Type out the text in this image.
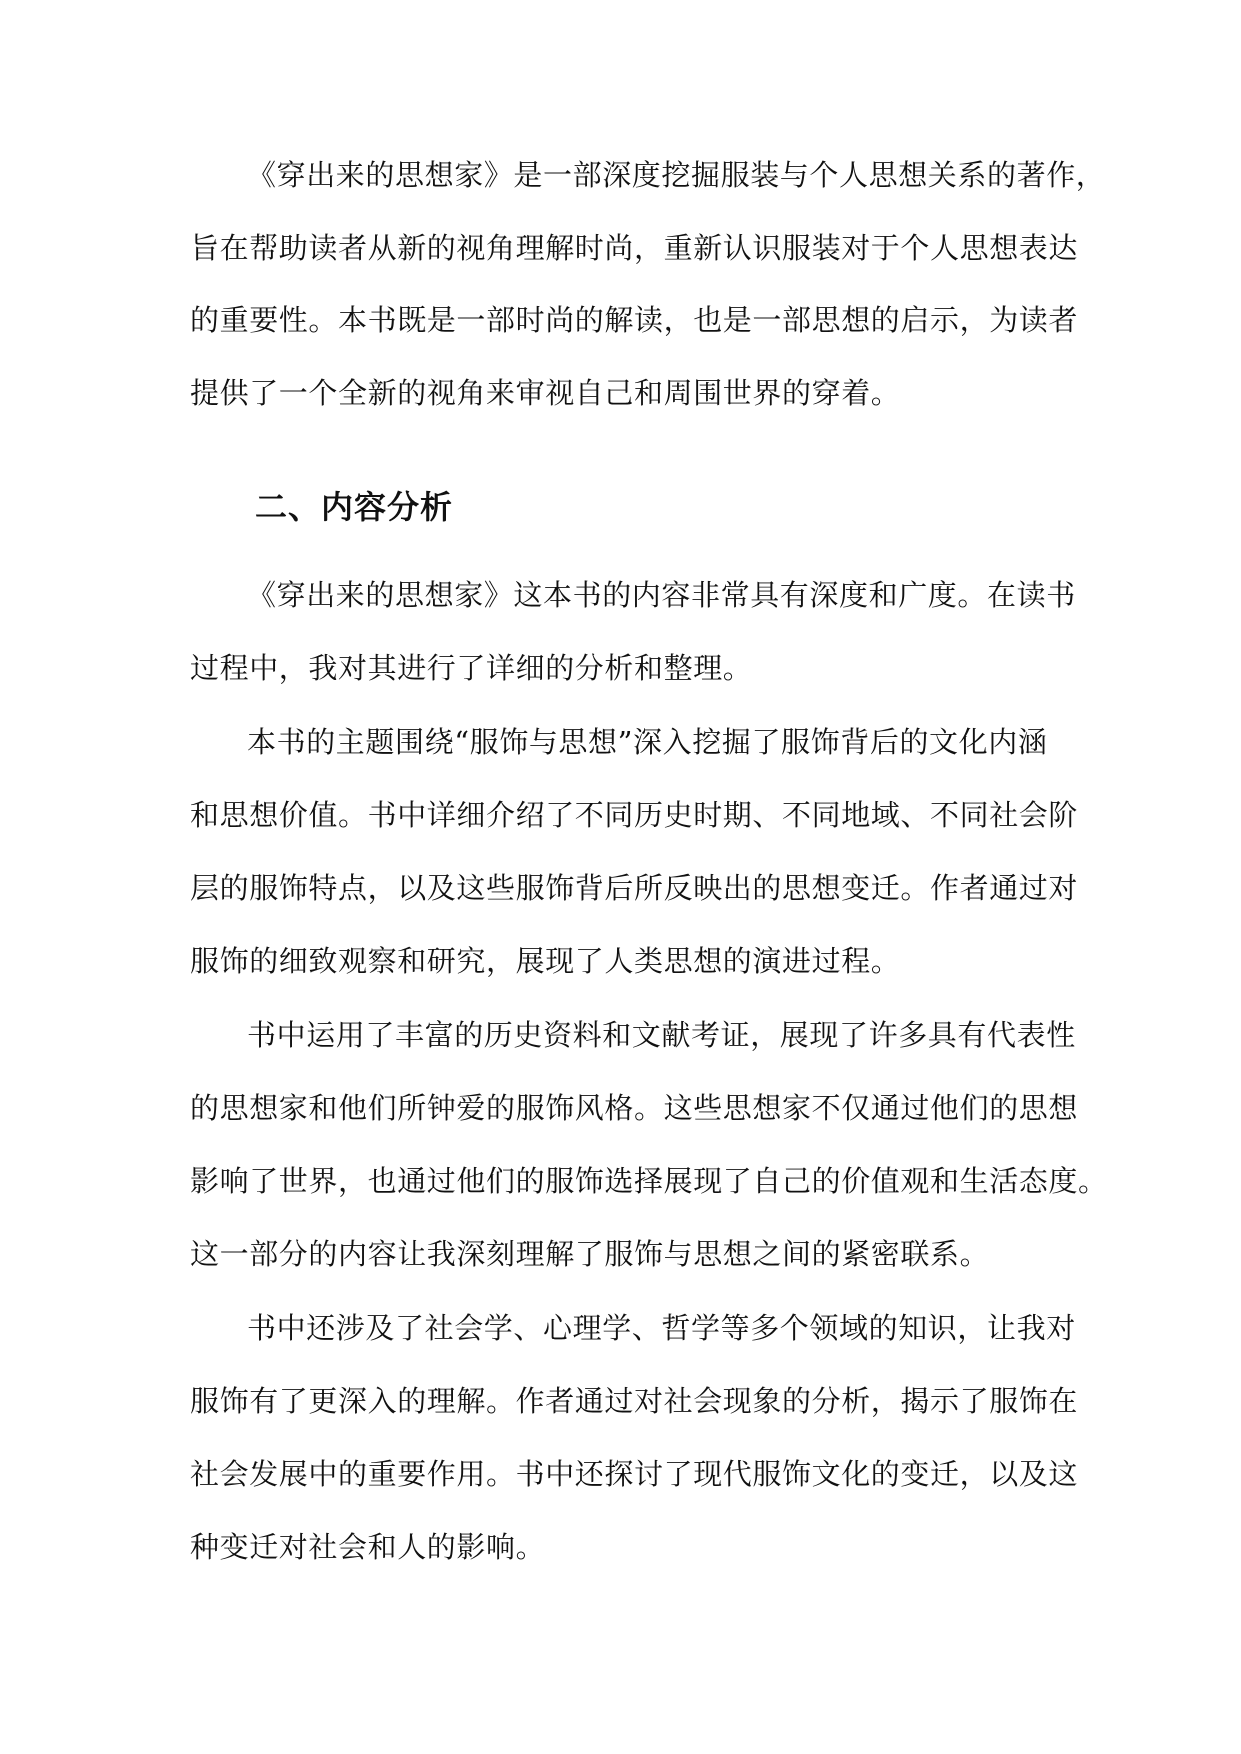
《穿出来的思想家》是一部深度挖掘服装与个人思想关系的著作，
旨在帮助读者从新的视角理解时尚，重新认识服装对于个人思想表达
的重要性。本书既是一部时尚的解读，也是一部思想的启示，为读者
提供了一个全新的视角来审视自己和周围世界的穿着。
二、内容分析
《穿出来的思想家》这本书的内容非常具有深度和广度。在读书
过程中，我对其进行了详细的分析和整理。
本书的主题围绕“服饰与思想”深入挖掘了服饰背后的文化内涵
和思想价值。书中详细介绍了不同历史时期、不同地域、不同社会阶
层的服饰特点，以及这些服饰背后所反映出的思想变迁。作者通过对
服饰的细致观察和研究，展现了人类思想的演进过程。
书中运用了丰富的历史资料和文献考证，展现了许多具有代表性
的思想家和他们所钟爱的服饰风格。这些思想家不仅通过他们的思想
影响了世界，也通过他们的服饰选择展现了自己的价值观和生活态度。
这一部分的内容让我深刻理解了服饰与思想之间的紧密联系。
书中还涉及了社会学、心理学、哲学等多个领域的知识，让我对
服饰有了更深入的理解。作者通过对社会现象的分析，揭示了服饰在
社会发展中的重要作用。书中还探讨了现代服饰文化的变迁，以及这
种变迁对社会和人的影响。
